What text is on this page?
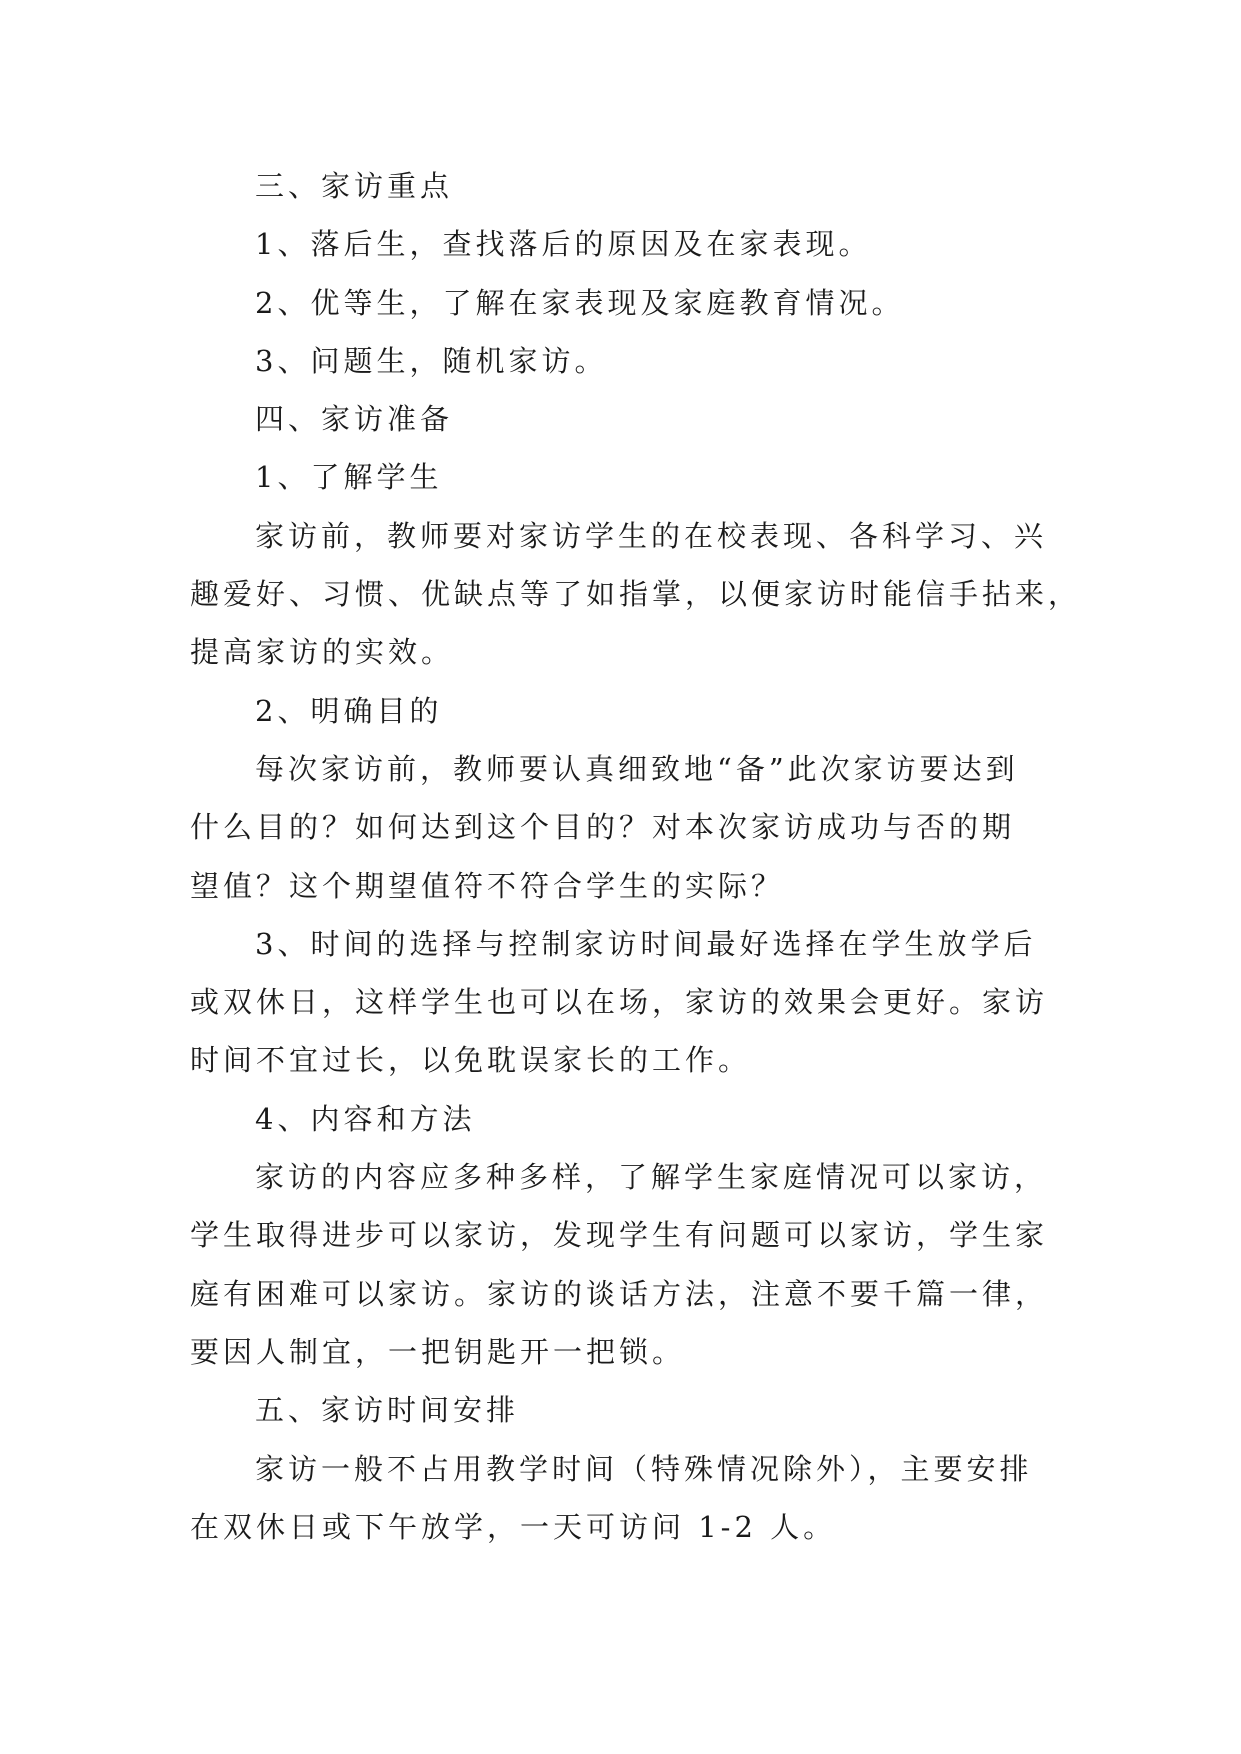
三、家访重点
1、落后生，查找落后的原因及在家表现。
2、优等生，了解在家表现及家庭教育情况。
3、问题生，随机家访。
四、家访准备
1、了解学生
家访前，教师要对家访学生的在校表现、各科学习、兴
趣爱好、习惯、优缺点等了如指掌，以便家访时能信手拈来，
提高家访的实效。
2、明确目的
每次家访前，教师要认真细致地“备”此次家访要达到
什么目的？如何达到这个目的？对本次家访成功与否的期
望值？这个期望值符不符合学生的实际？
3、时间的选择与控制家访时间最好选择在学生放学后
或双休日，这样学生也可以在场，家访的效果会更好。家访
时间不宜过长，以免耽误家长的工作。
4、内容和方法
家访的内容应多种多样，了解学生家庭情况可以家访，
学生取得进步可以家访，发现学生有问题可以家访，学生家
庭有困难可以家访。家访的谈话方法，注意不要千篇一律，
要因人制宜，一把钥匙开一把锁。
五、家访时间安排
家访一般不占用教学时间（特殊情况除外），主要安排
在双休日或下午放学，一天可访问 1-2 人。
